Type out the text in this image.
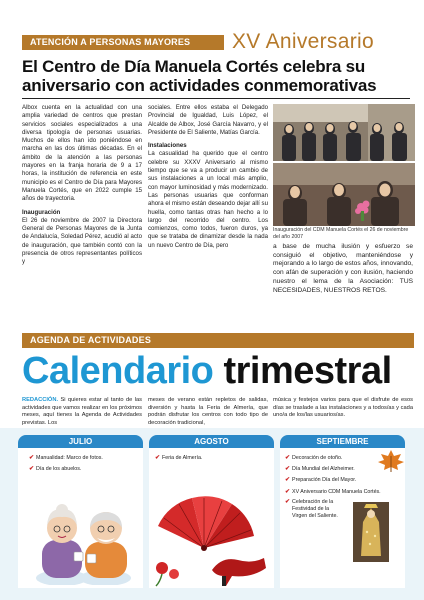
ATENCIÓN A PERSONAS MAYORES	XV Aniversario
El Centro de Día Manuela Cortés celebra su aniversario con actividades conmemorativas

Albox cuenta en la actualidad con una amplia variedad de centros que prestan servicios sociales especializados a una diversa tipología de personas usuarias. Muchos de ellos han ido poniéndose en marcha en las dos últimas décadas. En el ámbito de la atención a las personas mayores en la franja horaria de 9 a 17 horas, la institución de referencia en este municipio es el Centro de Día para Mayores Manuela Cortés, que en 2022 cumple 15 años de trayectoria.

Inauguración

El 26 de noviembre de 2007 la Directora General de Personas Mayores de la Junta de Andalucía, Soledad Pérez, acudió al acto de inauguración, que también contó con la presencia de otros representantes políticos y

sociales. Entre ellos estaba el Delegado Provincial de Igualdad, Luis López, el Alcalde de Albox, José García Navarro, y el Presidente de El Saliente, Matías García.

Instalaciones

La casualidad ha querido que el centro celebre su XXXV Aniversario al mismo tiempo que se va a producir un cambio de sus instalaciones a un local más amplio, con mayor luminosidad y más modernizado. Las personas usuarias que conforman ahora el mismo están deseando dejar allí su huella, como tantas otras han hecho a lo largo del recorrido del centro. Los comienzos, como todos, fueron duros, ya que se trataba de dinamizar desde la nada un nuevo Centro de Día, pero

Inauguración del CDM Manuela Cortés el 26 de noviembre del año 2007

a base de mucha ilusión y esfuerzo se consiguió el objetivo, manteniéndose y mejorando a lo largo de estos años, innovando, con afán de superación y con ilusión, haciendo nuestro el lema de la Asociación: TUS NECESIDADES, NUESTROS RETOS.

AGENDA DE ACTIVIDADES
Calendario trimestral
REDACCIÓN. Si quieres estar al tanto de las actividades que vamos realizar en los próximos meses, aquí tienes la Agenda de Actividades previstas. Los
meses de verano están repletos de salidas, diversión y hasta la Feria de Almería, que podrán disfrutar los centros con todo tipo de decoración tradicional,
música y festejos varios para que el disfrute de esos días se traslade a las instalaciones y a todos/as y cada uno/a de los/las usuarios/as.
JULIO
✔ Manualidad: Marco de fotos.
✔ Día de los abuelos.
AGOSTO
✔ Feria de Almería.
SEPTIEMBRE
✔ Decoración de otoño.
✔ Día Mundial del Alzheimer.
✔ Preparación Día del Mayor.
✔ XV Aniversario CDM Manuela Cortés.
✔ Celebración de la Festividad de la Virgen del Saliente.
